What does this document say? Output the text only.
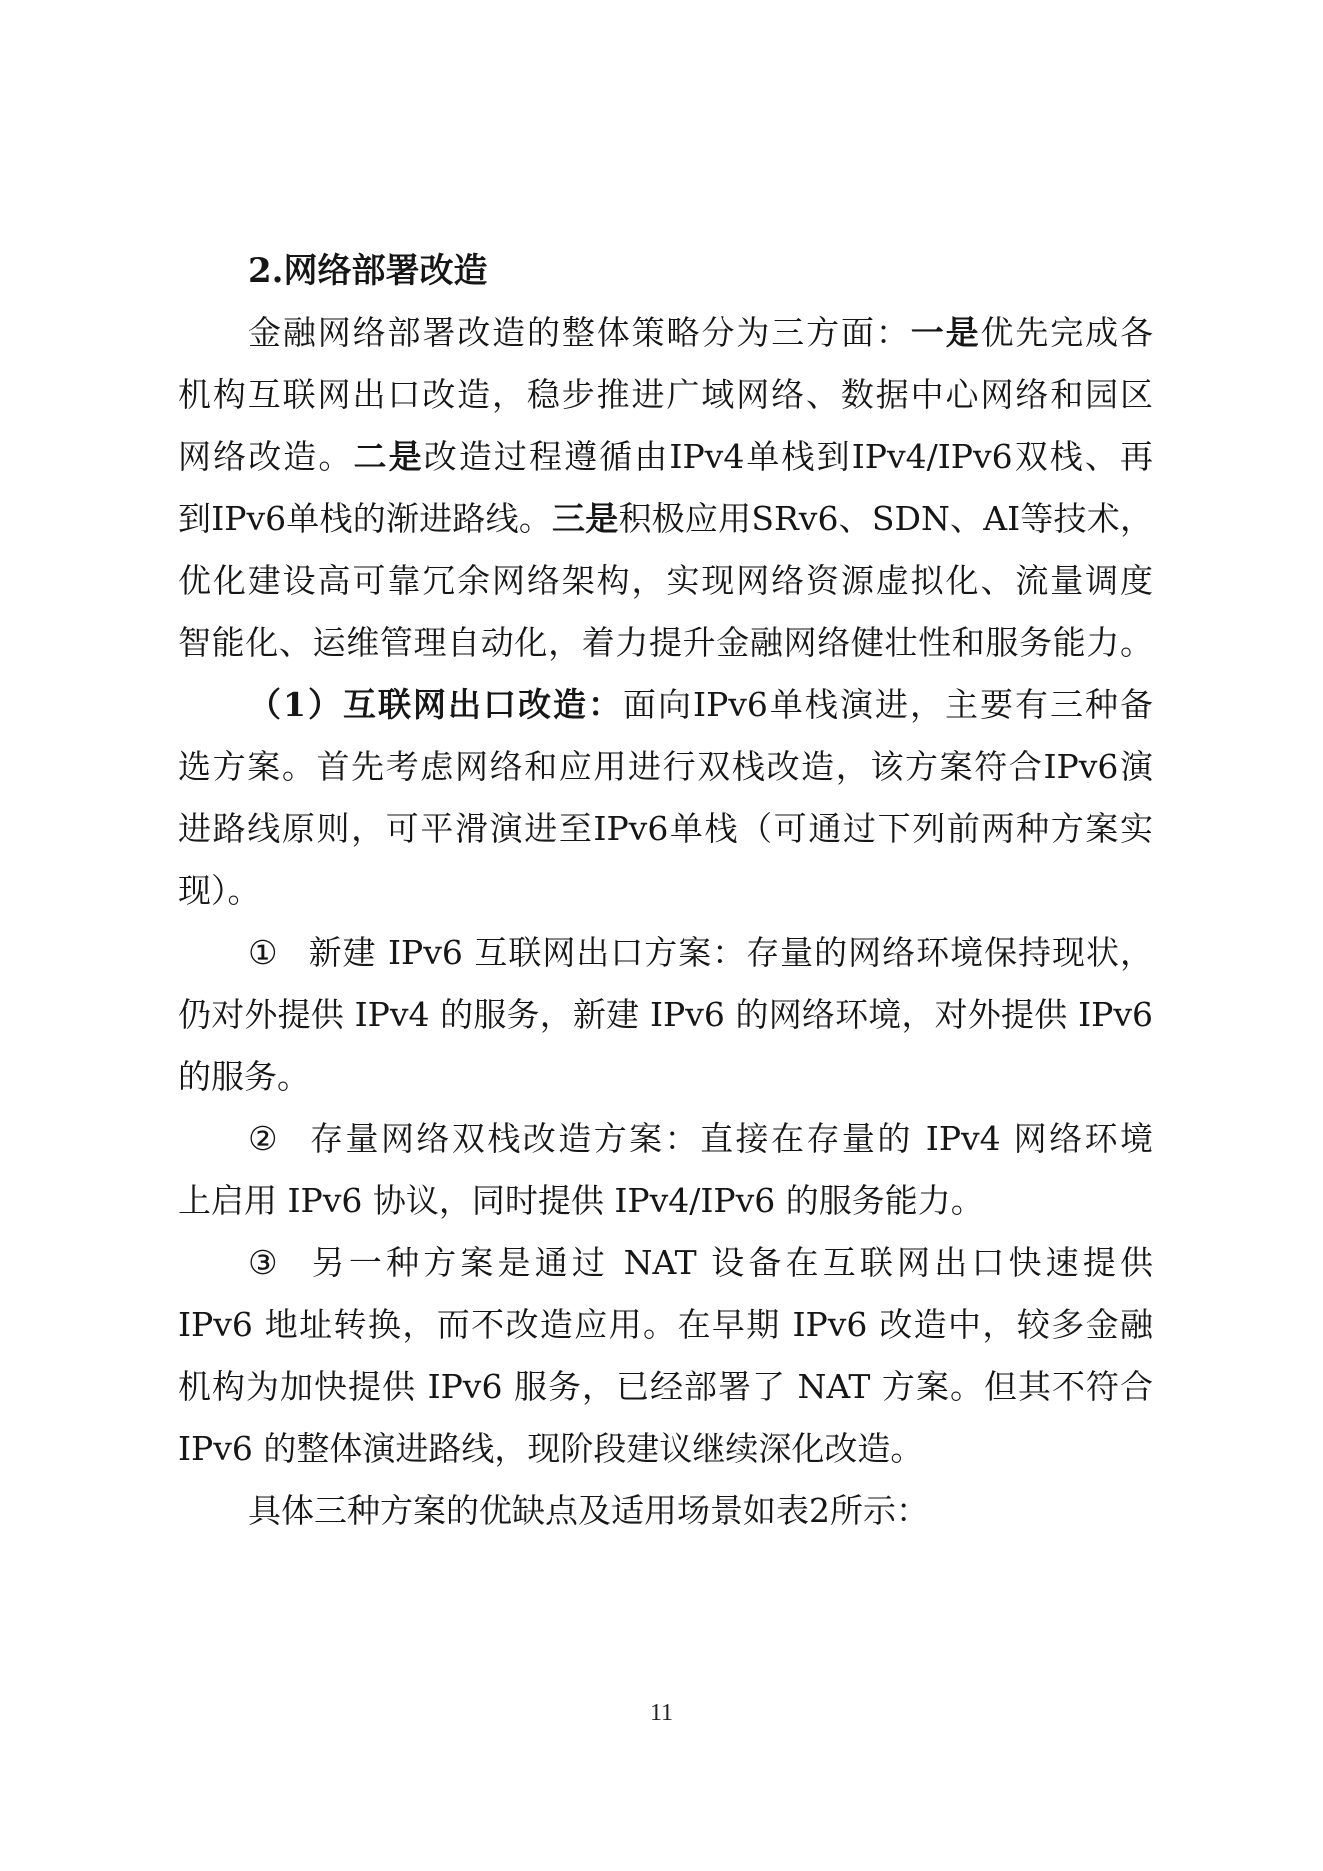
2.网络部署改造
金融网络部署改造的整体策略分为三方面：一是优先完成各
机构互联网出口改造，稳步推进广域网络、数据中心网络和园区
网络改造。二是改造过程遵循由IPv4单栈到IPv4/IPv6双栈、再
到IPv6单栈的渐进路线。三是积极应用SRv6、SDN、AI等技术，
优化建设高可靠冗余网络架构，实现网络资源虚拟化、流量调度
智能化、运维管理自动化，着力提升金融网络健壮性和服务能力。
（1）互联网出口改造：面向IPv6单栈演进，主要有三种备
选方案。首先考虑网络和应用进行双栈改造，该方案符合IPv6演
进路线原则，可平滑演进至IPv6单栈（可通过下列前两种方案实
现）。
① 新建 IPv6 互联网出口方案：存量的网络环境保持现状，
仍对外提供 IPv4 的服务，新建 IPv6 的网络环境，对外提供 IPv6
的服务。
② 存量网络双栈改造方案：直接在存量的 IPv4 网络环境
上启用 IPv6 协议，同时提供 IPv4/IPv6 的服务能力。
③ 另一种方案是通过 NAT 设备在互联网出口快速提供
IPv6 地址转换，而不改造应用。在早期 IPv6 改造中，较多金融
机构为加快提供 IPv6 服务，已经部署了 NAT 方案。但其不符合
IPv6 的整体演进路线，现阶段建议继续深化改造。
具体三种方案的优缺点及适用场景如表2所示：
11
